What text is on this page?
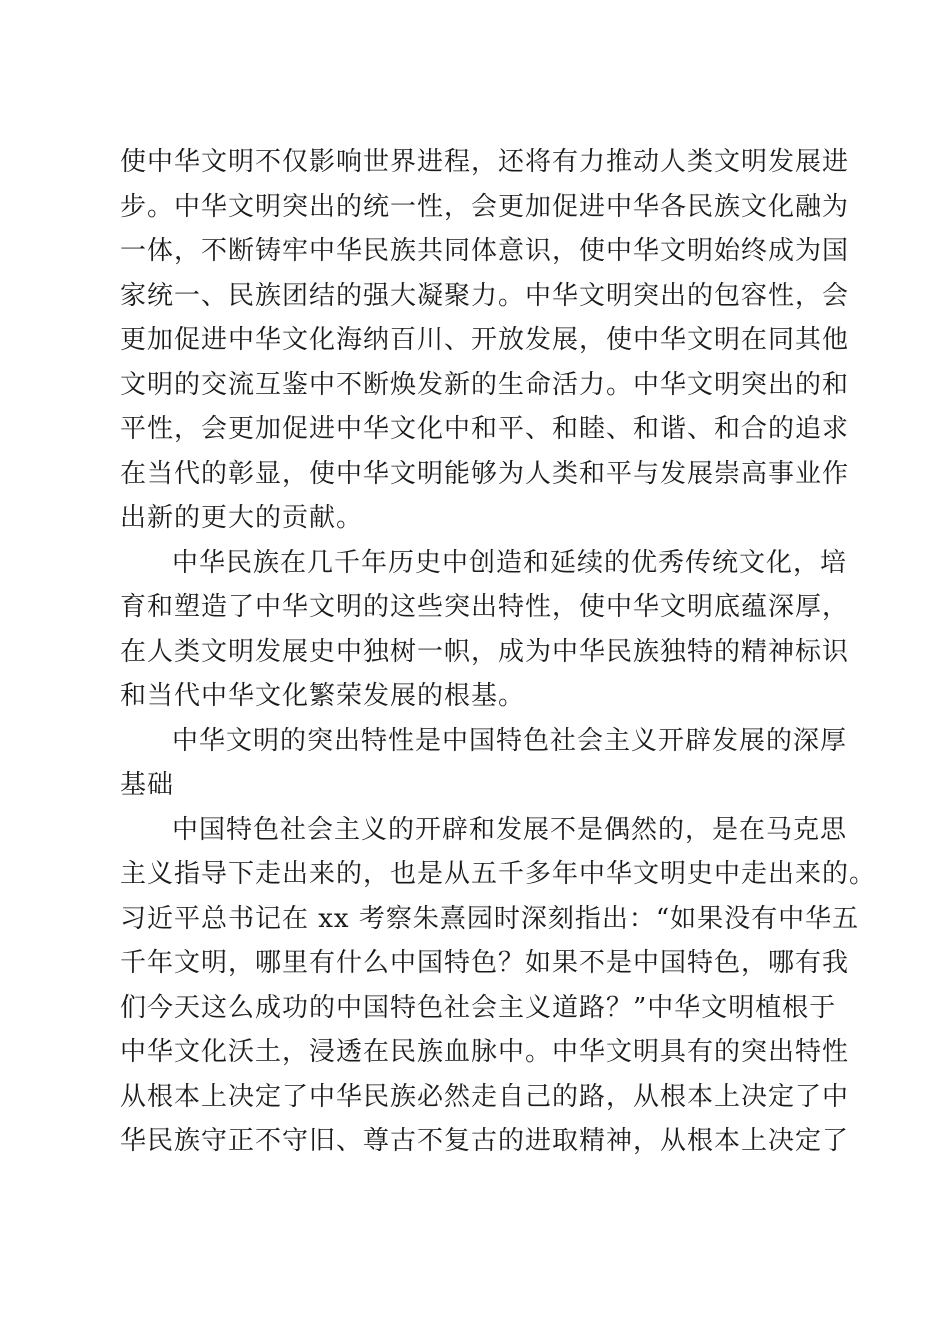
使中华文明不仅影响世界进程，还将有力推动人类文明发展进
步。中华文明突出的统一性，会更加促进中华各民族文化融为
一体，不断铸牢中华民族共同体意识，使中华文明始终成为国
家统一、民族团结的强大凝聚力。中华文明突出的包容性，会
更加促进中华文化海纳百川、开放发展，使中华文明在同其他
文明的交流互鉴中不断焕发新的生命活力。中华文明突出的和
平性，会更加促进中华文化中和平、和睦、和谐、和合的追求
在当代的彰显，使中华文明能够为人类和平与发展崇高事业作
出新的更大的贡献。
中华民族在几千年历史中创造和延续的优秀传统文化，培
育和塑造了中华文明的这些突出特性，使中华文明底蕴深厚，
在人类文明发展史中独树一帜，成为中华民族独特的精神标识
和当代中华文化繁荣发展的根基。
中华文明的突出特性是中国特色社会主义开辟发展的深厚
基础
中国特色社会主义的开辟和发展不是偶然的，是在马克思
主义指导下走出来的，也是从五千多年中华文明史中走出来的。
习近平总书记在 xx 考察朱熹园时深刻指出：“如果没有中华五
千年文明，哪里有什么中国特色？如果不是中国特色，哪有我
们今天这么成功的中国特色社会主义道路？”中华文明植根于
中华文化沃土，浸透在民族血脉中。中华文明具有的突出特性
从根本上决定了中华民族必然走自己的路，从根本上决定了中
华民族守正不守旧、尊古不复古的进取精神，从根本上决定了
